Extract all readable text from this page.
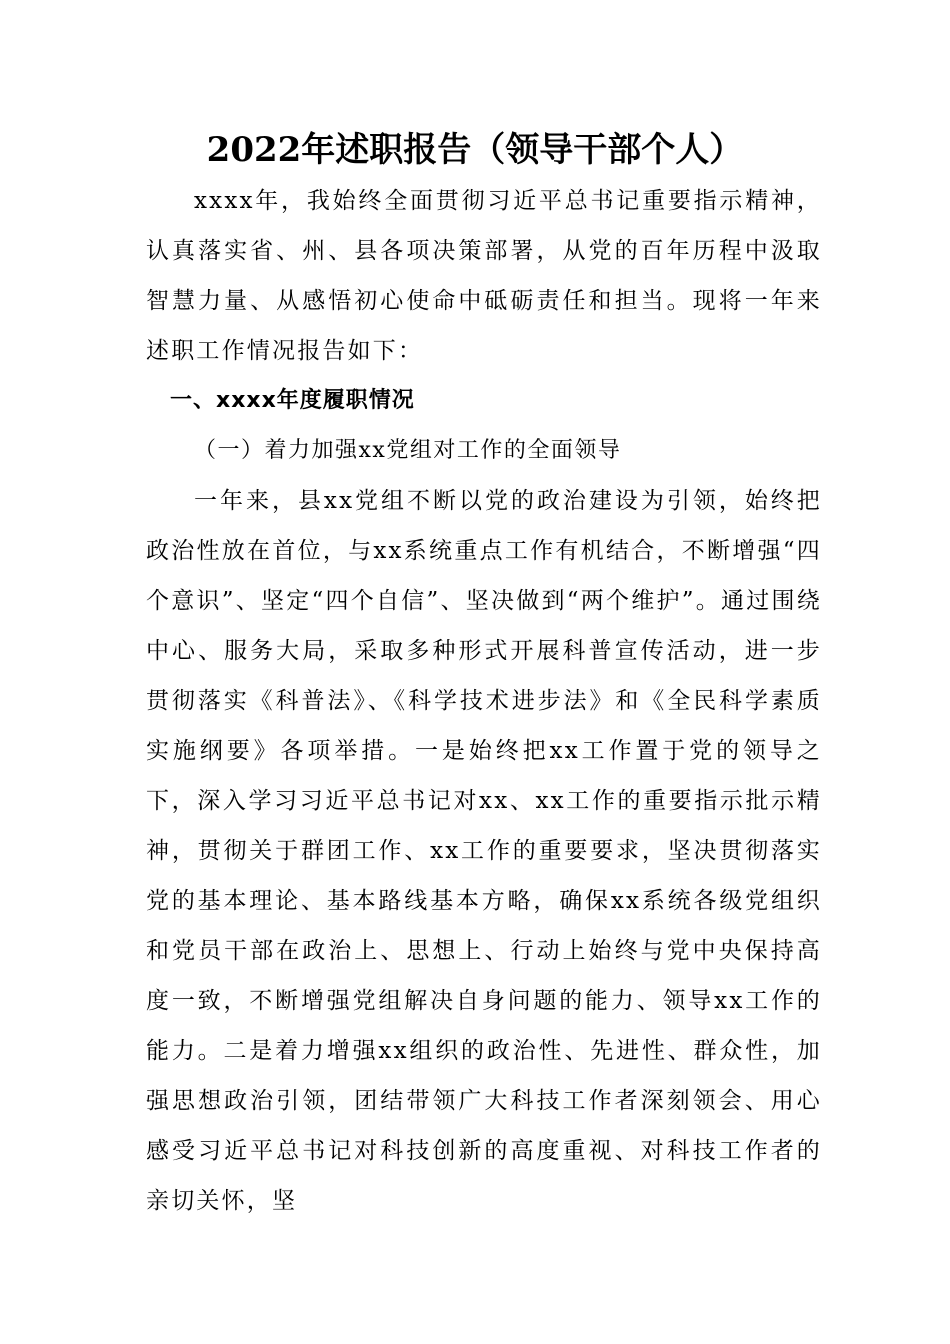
2022年述职报告（领导干部个人）

xxxx年，我始终全面贯彻习近平总书记重要指示精神，认真落实省、州、县各项决策部署，从党的百年历程中汲取智慧力量、从感悟初心使命中砥砺责任和担当。现将一年来述职工作情况报告如下：

一、xxxx年度履职情况

（一）着力加强xx党组对工作的全面领导

一年来，县xx党组不断以党的政治建设为引领，始终把政治性放在首位，与xx系统重点工作有机结合，不断增强“四个意识”、坚定“四个自信”、坚决做到“两个维护”。通过围绕中心、服务大局，采取多种形式开展科普宣传活动，进一步贯彻落实《科普法》、《科学技术进步法》和《全民科学素质实施纲要》各项举措。一是始终把xx工作置于党的领导之下，深入学习习近平总书记对xx、xx工作的重要指示批示精神，贯彻关于群团工作、xx工作的重要要求，坚决贯彻落实党的基本理论、基本路线基本方略，确保xx系统各级党组织和党员干部在政治上、思想上、行动上始终与党中央保持高度一致，不断增强党组解决自身问题的能力、领导xx工作的能力。二是着力增强xx组织的政治性、先进性、群众性，加强思想政治引领，团结带领广大科技工作者深刻领会、用心感受习近平总书记对科技创新的高度重视、对科技工作者的亲切关怀，坚
